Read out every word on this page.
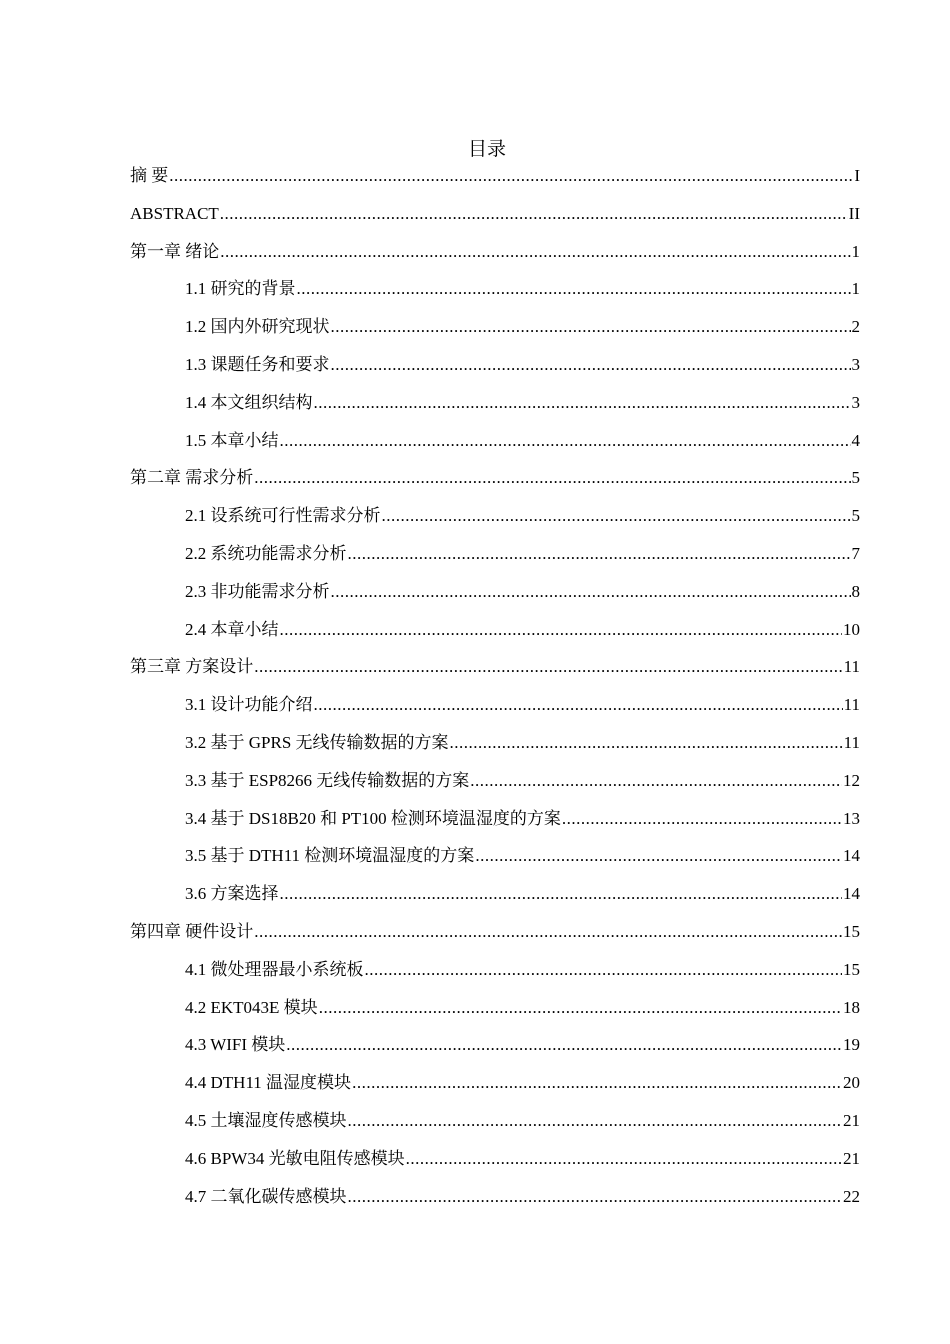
目录
摘 要 .....	I
ABSTRACT .....	II
第一章 绪论 .....	1
1.1 研究的背景 .....	1
1.2 国内外研究现状 .....	2
1.3 课题任务和要求 .....	3
1.4 本文组织结构 .....	3
1.5 本章小结 .....	4
第二章 需求分析 .....	5
2.1 设系统可行性需求分析 .....	5
2.2 系统功能需求分析 .....	7
2.3 非功能需求分析 .....	8
2.4 本章小结 .....	10
第三章 方案设计 .....	11
3.1 设计功能介绍 .....	11
3.2 基于 GPRS 无线传输数据的方案 .....	11
3.3 基于 ESP8266 无线传输数据的方案 .....	12
3.4 基于 DS18B20 和 PT100 检测环境温湿度的方案 .....	13
3.5 基于 DTH11 检测环境温湿度的方案 .....	14
3.6 方案选择 .....	14
第四章 硬件设计 .....	15
4.1 微处理器最小系统板 .....	15
4.2 EKT043E 模块 .....	18
4.3 WIFI 模块 .....	19
4.4 DTH11 温湿度模块 .....	20
4.5 土壤湿度传感模块 .....	21
4.6 BPW34 光敏电阻传感模块 .....	21
4.7 二氧化碳传感模块 .....	22
